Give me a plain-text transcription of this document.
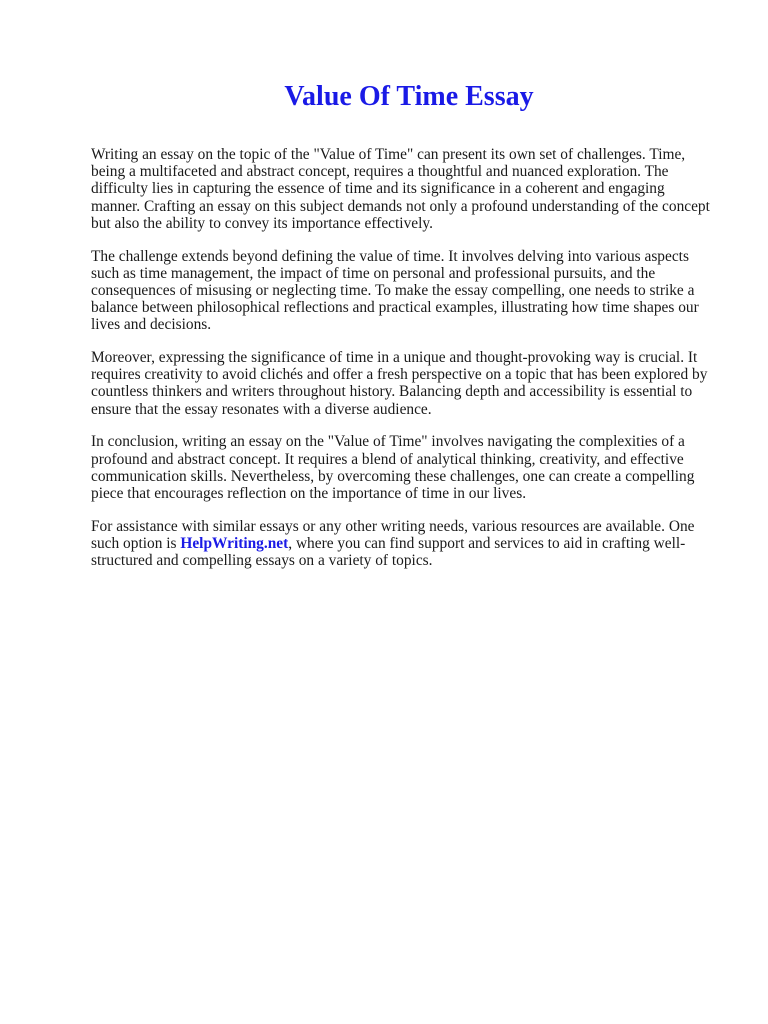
Value Of Time Essay

Writing an essay on the topic of the "Value of Time" can present its own set of challenges. Time, being a multifaceted and abstract concept, requires a thoughtful and nuanced exploration. The difficulty lies in capturing the essence of time and its significance in a coherent and engaging manner. Crafting an essay on this subject demands not only a profound understanding of the concept but also the ability to convey its importance effectively.

The challenge extends beyond defining the value of time. It involves delving into various aspects such as time management, the impact of time on personal and professional pursuits, and the consequences of misusing or neglecting time. To make the essay compelling, one needs to strike a balance between philosophical reflections and practical examples, illustrating how time shapes our lives and decisions.

Moreover, expressing the significance of time in a unique and thought-provoking way is crucial. It requires creativity to avoid clichés and offer a fresh perspective on a topic that has been explored by countless thinkers and writers throughout history. Balancing depth and accessibility is essential to ensure that the essay resonates with a diverse audience.

In conclusion, writing an essay on the "Value of Time" involves navigating the complexities of a profound and abstract concept. It requires a blend of analytical thinking, creativity, and effective communication skills. Nevertheless, by overcoming these challenges, one can create a compelling piece that encourages reflection on the importance of time in our lives.

For assistance with similar essays or any other writing needs, various resources are available. One such option is HelpWriting.net, where you can find support and services to aid in crafting well-structured and compelling essays on a variety of topics.
